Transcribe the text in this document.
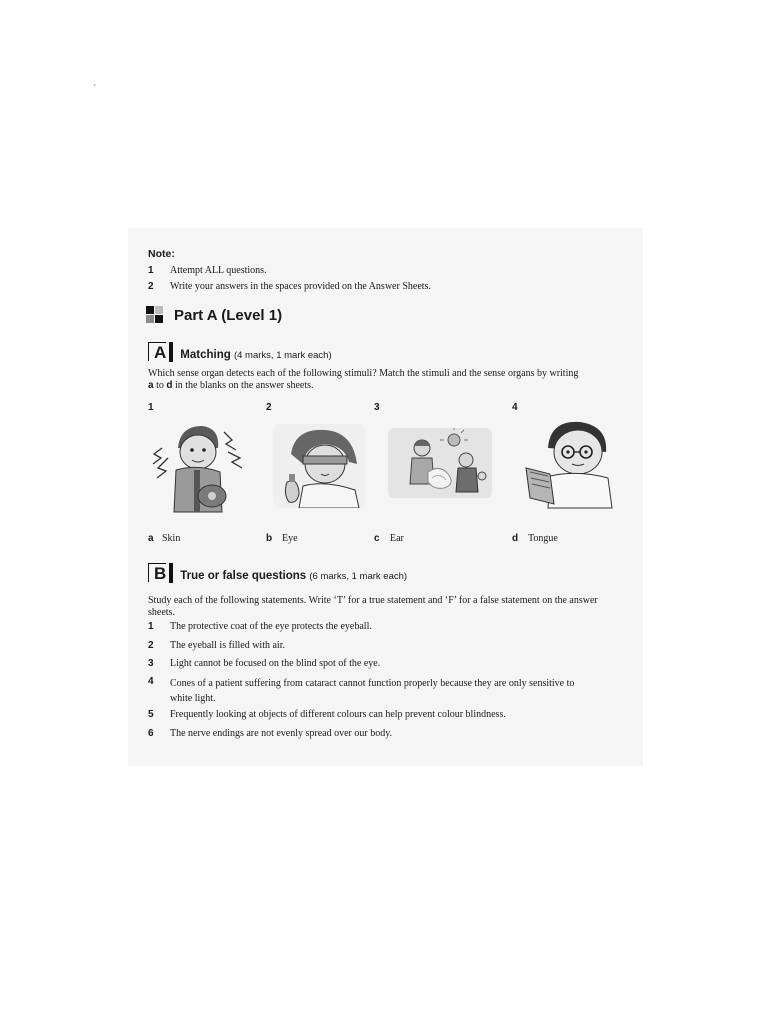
´
Note:
1 Attempt ALL questions.
2 Write your answers in the spaces provided on the Answer Sheets.
Part A (Level 1)
A Matching (4 marks, 1 mark each)
Which sense organ detects each of the following stimuli? Match the stimuli and the sense organs by writing
a to d in the blanks on the answer sheets.
1	2	3	4
a Skin	b Eye	c Ear	d Tongue
B True or false questions (6 marks, 1 mark each)
Study each of the following statements. Write ‘T’ for a true statement and ‘F’ for a false statement on the answer
sheets.
1 The protective coat of the eye protects the eyeball.
2 The eyeball is filled with air.
3 Light cannot be focused on the blind spot of the eye.
4 Cones of a patient suffering from cataract cannot function properly because they are only sensitive to
white light.
5 Frequently looking at objects of different colours can help prevent colour blindness.
6 The nerve endings are not evenly spread over our body.
